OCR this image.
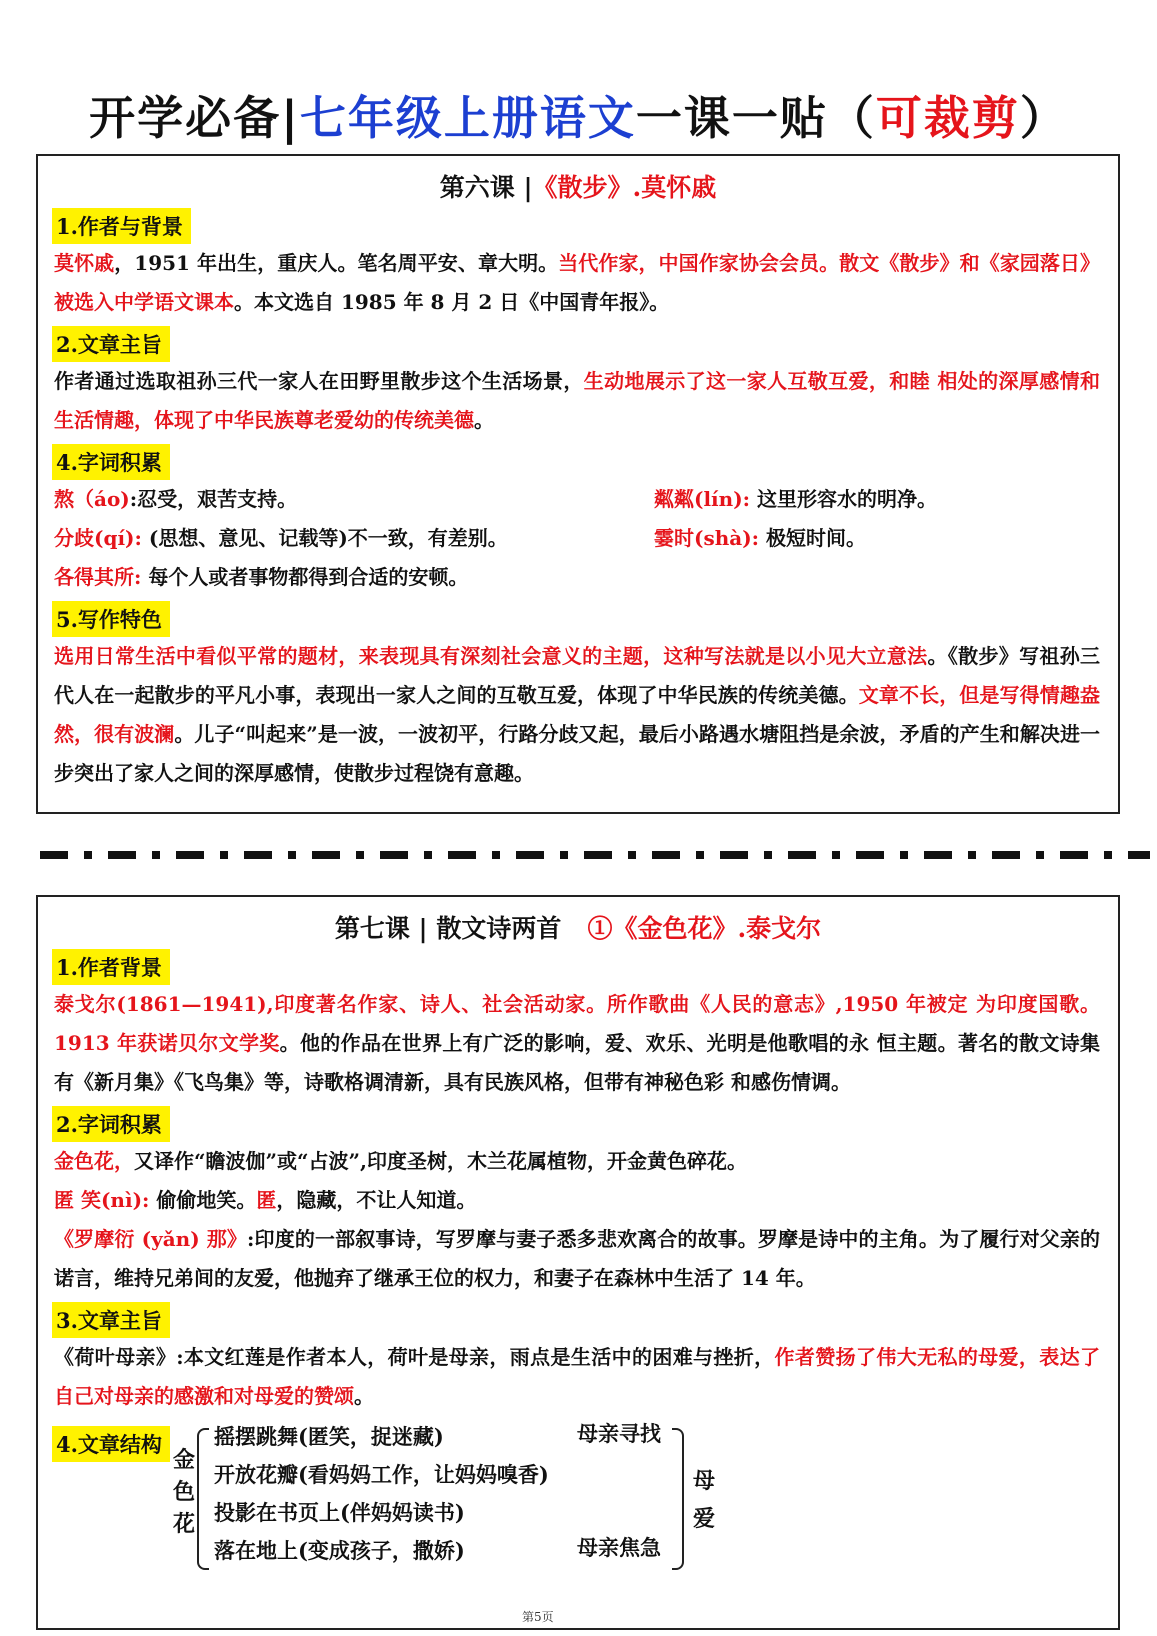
开学必备|七年级上册语文一课一贴（可裁剪）
第六课 |《散步》.莫怀戚
1.作者与背景
莫怀戚，1951 年出生，重庆人。笔名周平安、章大明。当代作家，中国作家协会会员。散文《散步》和《家园落日》被选入中学语文课本。本文选自 1985 年 8 月 2 日《中国青年报》。
2.文章主旨
作者通过选取祖孙三代一家人在田野里散步这个生活场景，生动地展示了这一家人互敬互爱，和睦 相处的深厚感情和生活情趣，体现了中华民族尊老爱幼的传统美德。
4.字词积累
熬（áo):忍受，艰苦支持。	粼粼(lín): 这里形容水的明净。
分歧(qí): (思想、意见、记载等)不一致，有差别。	霎时(shà): 极短时间。
各得其所: 每个人或者事物都得到合适的安顿。
5.写作特色
选用日常生活中看似平常的题材，来表现具有深刻社会意义的主题，这种写法就是以小见大立意法。《散步》写祖孙三代人在一起散步的平凡小事，表现出一家人之间的互敬互爱，体现了中华民族的传统美德。文章不长，但是写得情趣盎然，很有波澜。儿子“叫起来”是一波，一波初平，行路分歧又起，最后小路遇水塘阻挡是余波，矛盾的产生和解决进一步突出了家人之间的深厚感情，使散步过程饶有意趣。
第七课 | 散文诗两首 ①《金色花》.泰戈尔
1.作者背景
泰戈尔(1861—1941),印度著名作家、诗人、社会活动家。所作歌曲《人民的意志》,1950 年被定 为印度国歌。1913 年获诺贝尔文学奖。他的作品在世界上有广泛的影响，爱、欢乐、光明是他歌唱的永 恒主题。著名的散文诗集有《新月集》《飞鸟集》等，诗歌格调清新，具有民族风格，但带有神秘色彩 和感伤情调。
2.字词积累
金色花，又译作“瞻波伽”或“占波”,印度圣树，木兰花属植物，开金黄色碎花。
匿 笑(nì): 偷偷地笑。匿，隐藏，不让人知道。
《罗摩衍 (yǎn) 那》:印度的一部叙事诗，写罗摩与妻子悉多悲欢离合的故事。罗摩是诗中的主角。为了履行对父亲的诺言，维持兄弟间的友爱，他抛弃了继承王位的权力，和妻子在森林中生活了 14 年。
3.文章主旨
《荷叶母亲》:本文红莲是作者本人，荷叶是母亲，雨点是生活中的困难与挫折，作者赞扬了伟大无私的母爱，表达了自己对母亲的感激和对母爱的赞颂。
4.文章结构
金
色
花
摇摆跳舞(匿笑，捉迷藏)
开放花瓣(看妈妈工作，让妈妈嗅香)
投影在书页上(伴妈妈读书)
落在地上(变成孩子，撒娇)
母亲寻找
母亲焦急
母
爱
第5页
